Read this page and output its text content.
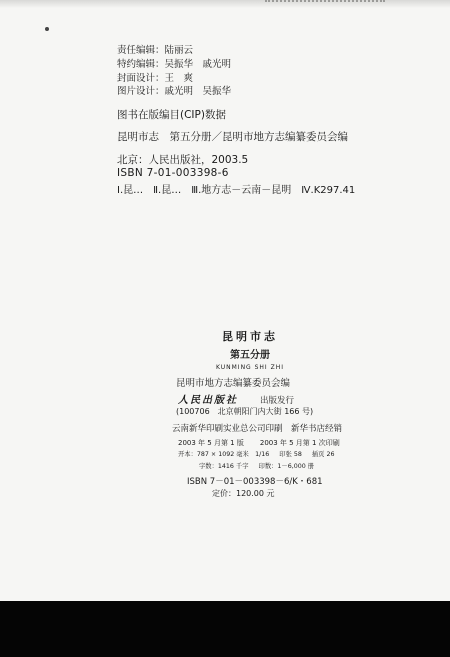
责任编辑：陆丽云
特约编辑：吴振华　戚光明
封面设计：王　爽
图片设计：戚光明　吴振华
图书在版编目(CIP)数据
昆明市志　第五分册／昆明市地方志编纂委员会编
北京：人民出版社，2003.5
ISBN 7-01-003398-6
Ⅰ.昆…　Ⅱ.昆…　Ⅲ.地方志－云南－昆明　Ⅳ.K297.41
昆明市志
第五分册
KUNMING SHI ZHI
昆明市地方志编纂委员会编
人民出版社	出版发行
(100706　北京朝阳门内大街 166 号)
云南新华印刷实业总公司印刷　新华书店经销
2003 年 5 月第 1 版 2003 年 5 月第 1 次印刷
开本：787 × 1092 毫米　1/16 印张 58 插页 26
字数：1416 千字 印数：1－6,000 册
ISBN 7－01－003398－6/K・681
定价：120.00 元
